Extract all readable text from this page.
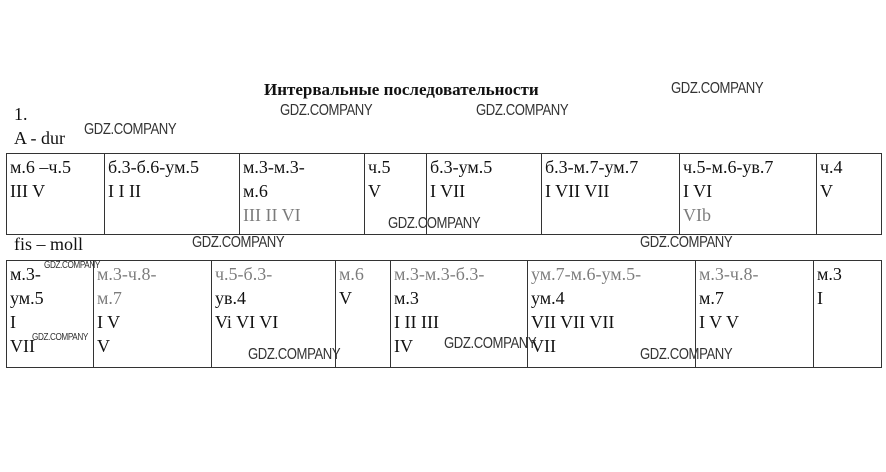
Интервальные последовательности
1.
A - dur
fis – moll
м.6 –ч.5
III V

б.3-б.6-ум.5
I I II

м.3-м.3-
м.6
III II VI

ч.5
V

б.3-ум.5
I VII

б.3-м.7-ум.7
I VII VII

ч.5-м.6-ув.7
I VI
VIb

ч.4
V
м.3-
ум.5
I
VII

м.3-ч.8-
м.7
I V
V

ч.5-б.3-
ув.4
Vi VI VI

м.6
V

м.3-м.3-б.3-
м.3
I II III
IV

ум.7-м.6-ум.5-
ум.4
VII VII VII
VII

м.3-ч.8-
м.7
I V V

м.3
I
GDZ.COMPANY
GDZ.COMPANY	GDZ.COMPANY
GDZ.COMPANY
GDZ.COMPANY
GDZ.COMPANY	GDZ.COMPANY
GDZ.COMPANY
GDZ.COMPANY	GDZ.COMPANY
GDZ.COMPANY	GDZ.COMPANY
